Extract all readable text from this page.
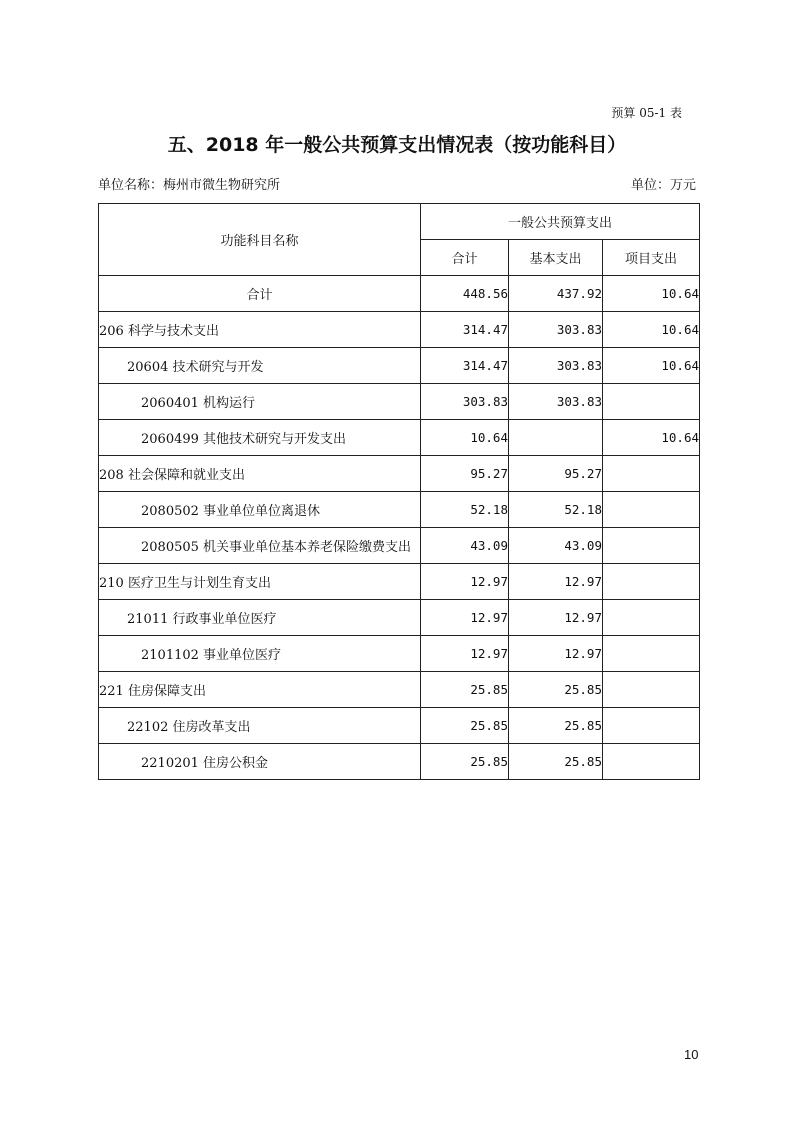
预算 05-1 表
五、2018 年一般公共预算支出情况表（按功能科目）
单位名称：梅州市微生物研究所	单位：万元
功能科目名称	一般公共预算支出		
	合计	基本支出	项目支出
合计	448.56	437.92	10.64
206 科学与技术支出	314.47	303.83	10.64
20604 技术研究与开发	314.47	303.83	10.64
2060401 机构运行	303.83	303.83	
2060499 其他技术研究与开发支出	10.64		10.64
208 社会保障和就业支出	95.27	95.27	
2080502 事业单位单位离退休	52.18	52.18	
2080505 机关事业单位基本养老保险缴费支出	43.09	43.09	
210 医疗卫生与计划生育支出	12.97	12.97	
21011 行政事业单位医疗	12.97	12.97	
2101102 事业单位医疗	12.97	12.97	
221 住房保障支出	25.85	25.85	
22102 住房改革支出	25.85	25.85	
2210201 住房公积金	25.85	25.85	
10
